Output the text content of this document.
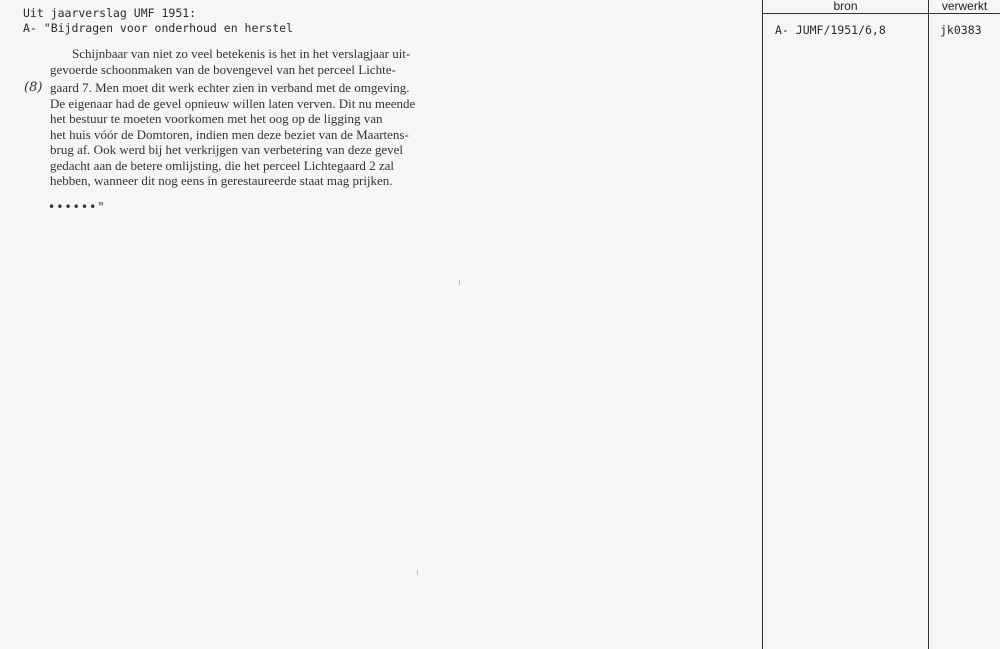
Uit jaarverslag UMF 1951:
A- "Bijdragen voor onderhoud en herstel
(8)

Schijnbaar van niet zo veel betekenis is het in het verslagjaar uit-

gevoerde schoonmaken van de bovengevel van het perceel Lichte-

gaard 7. Men moet dit werk echter zien in verband met de omgeving.

De eigenaar had de gevel opnieuw willen laten verven. Dit nu meende

het bestuur te moeten voorkomen met het oog op de ligging van

het huis vóór de Domtoren, indien men deze beziet van de Maartens-

brug af. Ook werd bij het verkrijgen van verbetering van deze gevel

gedacht aan de betere omlijsting, die het perceel Lichtegaard 2 zal

hebben, wanneer dit nog eens in gerestaureerde staat mag prijken.

••••••"
bron	verwerkt
A- JUMF/1951/6,8	jk0383
